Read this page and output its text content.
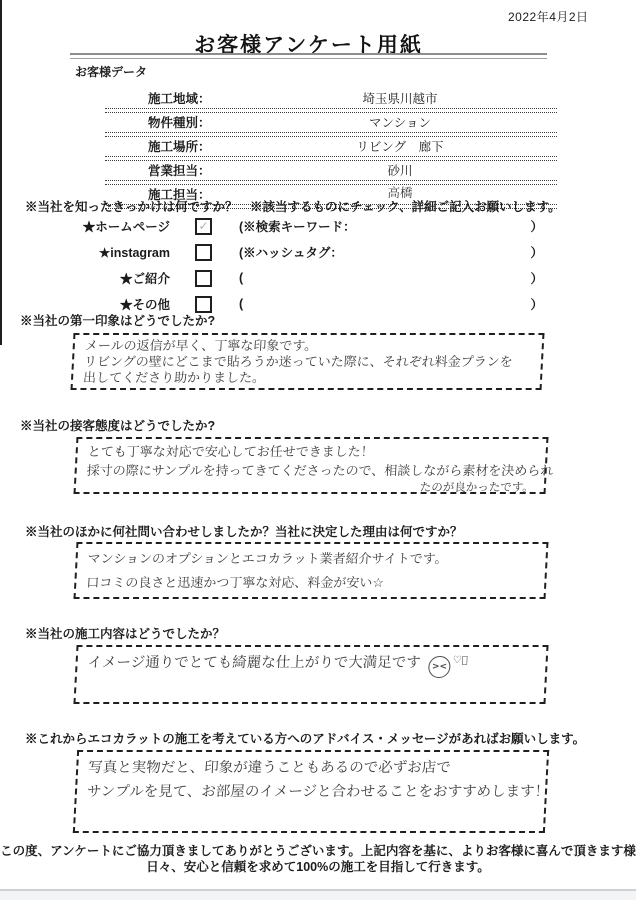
2022年4月2日
お客様アンケート用紙
お客様データ
施工地域：	埼玉県川越市
物件種別：	マンション
施工場所：	リビング　廊下
営業担当：	砂川
施工担当：	高橋
※当社を知ったきっかけは何ですか？　※該当するものにチェック、詳細ご記入お願いします。
★ホームページ ✓ (※検索キーワード：	）
★instagram	(※ハッシュタグ：	）
★ご紹介	(	）
★その他	(	）
※当社の第一印象はどうでしたか?
メールの返信が早く、丁寧な印象です。
リビングの壁にどこまで貼ろうか迷っていた際に、それぞれ料金プランを
出してくださり助かりました。
※当社の接客態度はどうでしたか?
とても丁寧な対応で安心してお任せできました！
採寸の際にサンプルを持ってきてくださったので、相談しながら素材を決められ
たのが良かったです。
※当社のほかに何社問い合わせしましたか？当社に決定した理由は何ですか？
マンションのオプションとエコカラット業者紹介サイトです。
口コミの良さと迅速かつ丁寧な対応、料金が安い☆
※当社の施工内容はどうでしたか？
イメージ通りでとても綺麗な仕上がりで大満足です	><
♡ﾟ
※これからエコカラットの施工を考えている方へのアドバイス・メッセージがあればお願いします。
写真と実物だと、印象が違うこともあるので必ずお店で
サンプルを見て、お部屋のイメージと合わせることをおすすめします！
この度、アンケートにご協力頂きましてありがとうございます。上記内容を基に、よりお客様に喜んで頂きます様
日々、安心と信頼を求めて100%の施工を目指して行きます。
